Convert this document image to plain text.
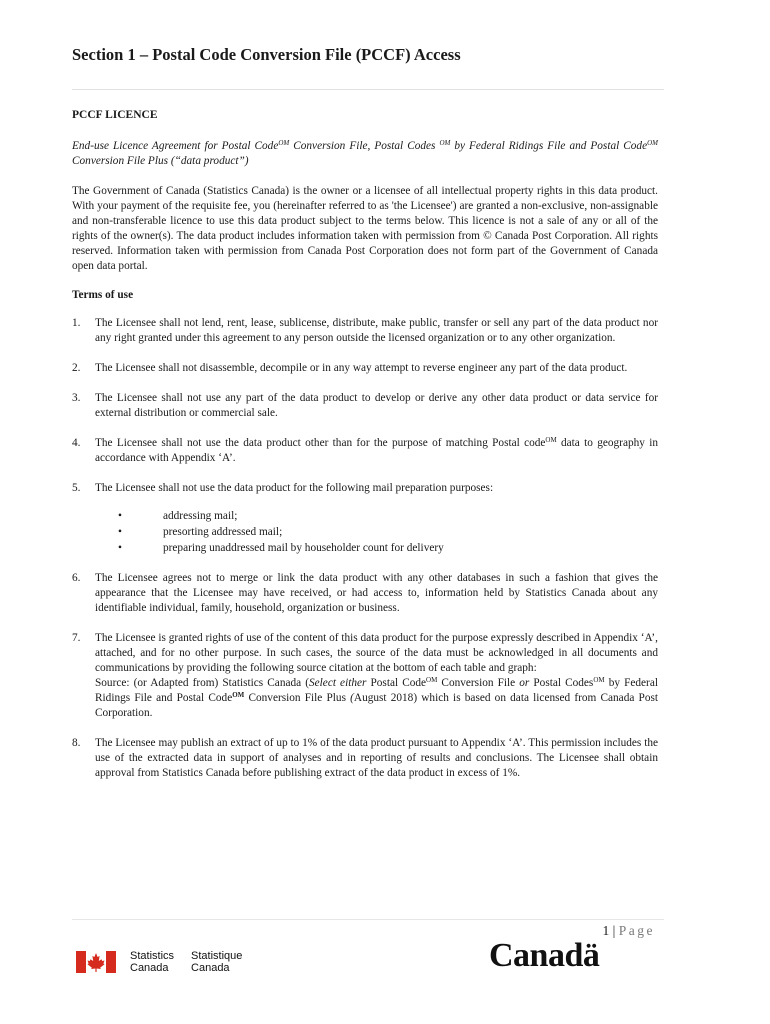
Section 1 – Postal Code Conversion File (PCCF) Access

PCCF LICENCE

End-use Licence Agreement for Postal Code$^{OM}$ Conversion File, Postal Codes $^{OM}$ by Federal Ridings File and Postal Code$^{OM}$ Conversion File Plus (“data product”)

The Government of Canada (Statistics Canada) is the owner or a licensee of all intellectual property rights in this data product. With your payment of the requisite fee, you (hereinafter referred to as 'the Licensee') are granted a non-exclusive, non-assignable and non-transferable licence to use this data product subject to the terms below. This licence is not a sale of any or all of the rights of the owner(s). The data product includes information taken with permission from © Canada Post Corporation. All rights reserved. Information taken with permission from Canada Post Corporation does not form part of the Government of Canada open data portal.

Terms of use

1.	The Licensee shall not lend, rent, lease, sublicense, distribute, make public, transfer or sell any part of the data product nor any right granted under this agreement to any person outside the licensed organization or to any other organization.
2.	The Licensee shall not disassemble, decompile or in any way attempt to reverse engineer any part of the data product.
3.	The Licensee shall not use any part of the data product to develop or derive any other data product or data service for external distribution or commercial sale.
4.	The Licensee shall not use the data product other than for the purpose of matching Postal code$^{OM}$ data to geography in accordance with Appendix ‘A’.
5.	The Licensee shall not use the data product for the following mail preparation purposes:
•	addressing mail;
•	presorting addressed mail;
•	preparing unaddressed mail by householder count for delivery
6.	The Licensee agrees not to merge or link the data product with any other databases in such a fashion that gives the appearance that the Licensee may have received, or had access to, information held by Statistics Canada about any identifiable individual, family, household, organization or business.
7.	The Licensee is granted rights of use of the content of this data product for the purpose expressly described in Appendix ‘A’, attached, and for no other purpose. In such cases, the source of the data must be acknowledged in all documents and communications by providing the following source citation at the bottom of each table and graph:

Source: (or Adapted from) Statistics Canada (Select either Postal Code$^{OM}$ Conversion File or Postal Codes$^{OM}$ by Federal Ridings File and Postal Code$^{OM}$ Conversion File Plus (August 2018) which is based on data licensed from Canada Post Corporation.

8.	The Licensee may publish an extract of up to 1% of the data product pursuant to Appendix ‘A’. This permission includes the use of the extracted data in support of analyses and in reporting of results and conclusions. The Licensee shall obtain approval from Statistics Canada before publishing extract of the data product in excess of 1%.
1 | Page
Statistics
Canada
Statistique
Canada	Canadä
